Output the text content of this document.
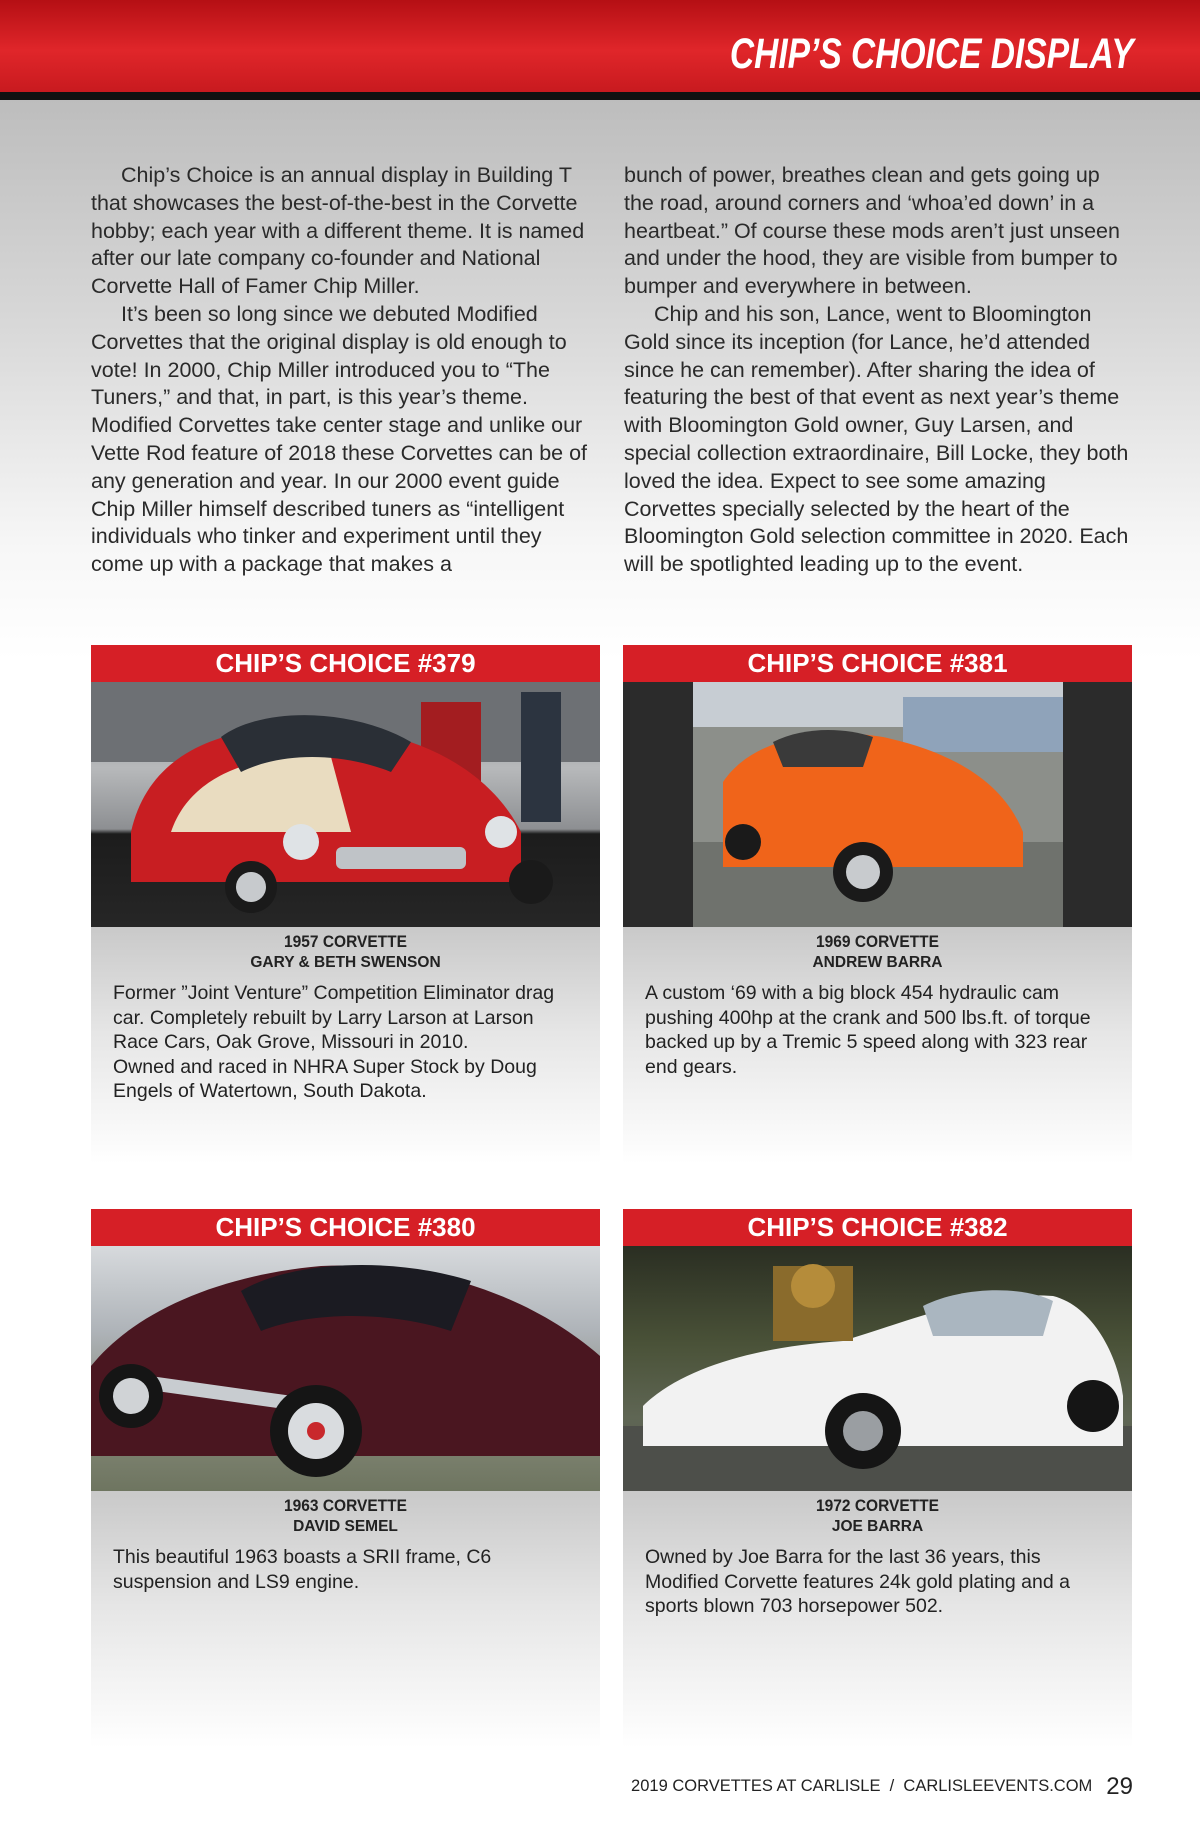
CHIP’S CHOICE DISPLAY

Chip’s Choice is an annual display in Building T that showcases the best-of-the-best in the Corvette hobby; each year with a different theme. It is named after our late company co-founder and National Corvette Hall of Famer Chip Miller.

It’s been so long since we debuted Modified Corvettes that the original display is old enough to vote! In 2000, Chip Miller introduced you to “The Tuners,” and that, in part, is this year’s theme. Modified Corvettes take center stage and unlike our Vette Rod feature of 2018 these Corvettes can be of any generation and year. In our 2000 event guide Chip Miller himself described tuners as “intelligent individuals who tinker and experiment until they come up with a package that makes a

bunch of power, breathes clean and gets going up the road, around corners and ‘whoa’ed down’ in a heartbeat.” Of course these mods aren’t just unseen and under the hood, they are visible from bumper to bumper and everywhere in between.

Chip and his son, Lance, went to Bloomington Gold since its inception (for Lance, he’d attended since he can remember). After sharing the idea of featuring the best of that event as next year’s theme with Bloomington Gold owner, Guy Larsen, and special collection extraordinaire, Bill Locke, they both loved the idea. Expect to see some amazing Corvettes specially selected by the heart of the Bloomington Gold selection committee in 2020. Each will be spotlighted leading up to the event.

CHIP’S CHOICE #379
1957 CORVETTE
GARY & BETH SWENSON
Former ”Joint Venture” Competition Eliminator drag car. Completely rebuilt by Larry Larson at Larson Race Cars, Oak Grove, Missouri in 2010.
Owned and raced in NHRA Super Stock by Doug Engels of Watertown, South Dakota.
CHIP’S CHOICE #381
1969 CORVETTE
ANDREW BARRA
A custom ‘69 with a big block 454 hydraulic cam pushing 400hp at the crank and 500 lbs.ft. of torque backed up by a Tremic 5 speed along with 323 rear end gears.
CHIP’S CHOICE #380
1963 CORVETTE
DAVID SEMEL
This beautiful 1963 boasts a SRII frame, C6 suspension and LS9 engine.
CHIP’S CHOICE #382
1972 CORVETTE
JOE BARRA
Owned by Joe Barra for the last 36 years, this Modified Corvette features 24k gold plating and a sports blown 703 horsepower 502.
2019 CORVETTES AT CARLISLE  /  CARLISLEEVENTS.COM 29
